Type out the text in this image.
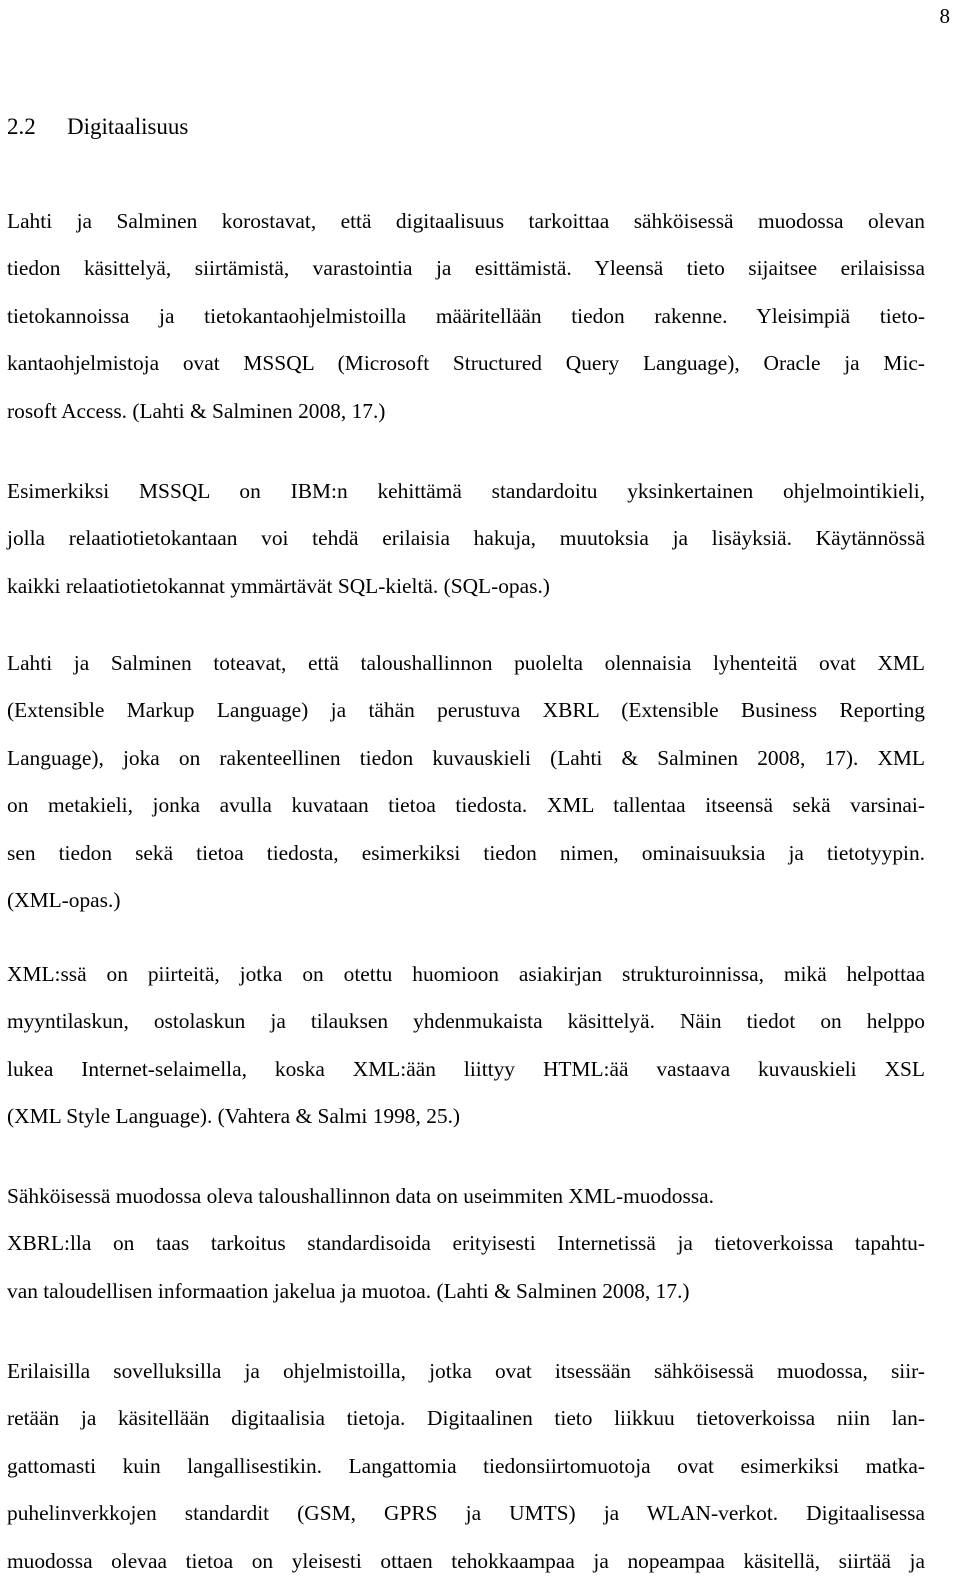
8
2.2 Digitaalisuus
Lahti ja Salminen korostavat, että digitaalisuus tarkoittaa sähköisessä muodossa olevan
tiedon käsittelyä, siirtämistä, varastointia ja esittämistä. Yleensä tieto sijaitsee erilaisissa
tietokannoissa ja tietokantaohjelmistoilla määritellään tiedon rakenne. Yleisimpiä tieto-
kantaohjelmistoja ovat MSSQL (Microsoft Structured Query Language), Oracle ja Mic-
rosoft Access. (Lahti & Salminen 2008, 17.)
Esimerkiksi MSSQL on IBM:n kehittämä standardoitu yksinkertainen ohjelmointikieli,
jolla relaatiotietokantaan voi tehdä erilaisia hakuja, muutoksia ja lisäyksiä. Käytännössä
kaikki relaatiotietokannat ymmärtävät SQL-kieltä. (SQL-opas.)
Lahti ja Salminen toteavat, että taloushallinnon puolelta olennaisia lyhenteitä ovat XML
(Extensible Markup Language) ja tähän perustuva XBRL (Extensible Business Reporting
Language), joka on rakenteellinen tiedon kuvauskieli (Lahti & Salminen 2008, 17). XML
on metakieli, jonka avulla kuvataan tietoa tiedosta. XML tallentaa itseensä sekä varsinai-
sen tiedon sekä tietoa tiedosta, esimerkiksi tiedon nimen, ominaisuuksia ja tietotyypin.
(XML-opas.)
XML:ssä on piirteitä, jotka on otettu huomioon asiakirjan strukturoinnissa, mikä helpottaa
myyntilaskun, ostolaskun ja tilauksen yhdenmukaista käsittelyä. Näin tiedot on helppo
lukea Internet-selaimella, koska XML:ään liittyy HTML:ää vastaava kuvauskieli XSL
(XML Style Language). (Vahtera & Salmi 1998, 25.)
Sähköisessä muodossa oleva taloushallinnon data on useimmiten XML-muodossa.
XBRL:lla on taas tarkoitus standardisoida erityisesti Internetissä ja tietoverkoissa tapahtu-
van taloudellisen informaation jakelua ja muotoa. (Lahti & Salminen 2008, 17.)
Erilaisilla sovelluksilla ja ohjelmistoilla, jotka ovat itsessään sähköisessä muodossa, siir-
retään ja käsitellään digitaalisia tietoja. Digitaalinen tieto liikkuu tietoverkoissa niin lan-
gattomasti kuin langallisestikin. Langattomia tiedonsiirtomuotoja ovat esimerkiksi matka-
puhelinverkkojen standardit (GSM, GPRS ja UMTS) ja WLAN-verkot. Digitaalisessa
muodossa olevaa tietoa on yleisesti ottaen tehokkaampaa ja nopeampaa käsitellä, siirtää ja
